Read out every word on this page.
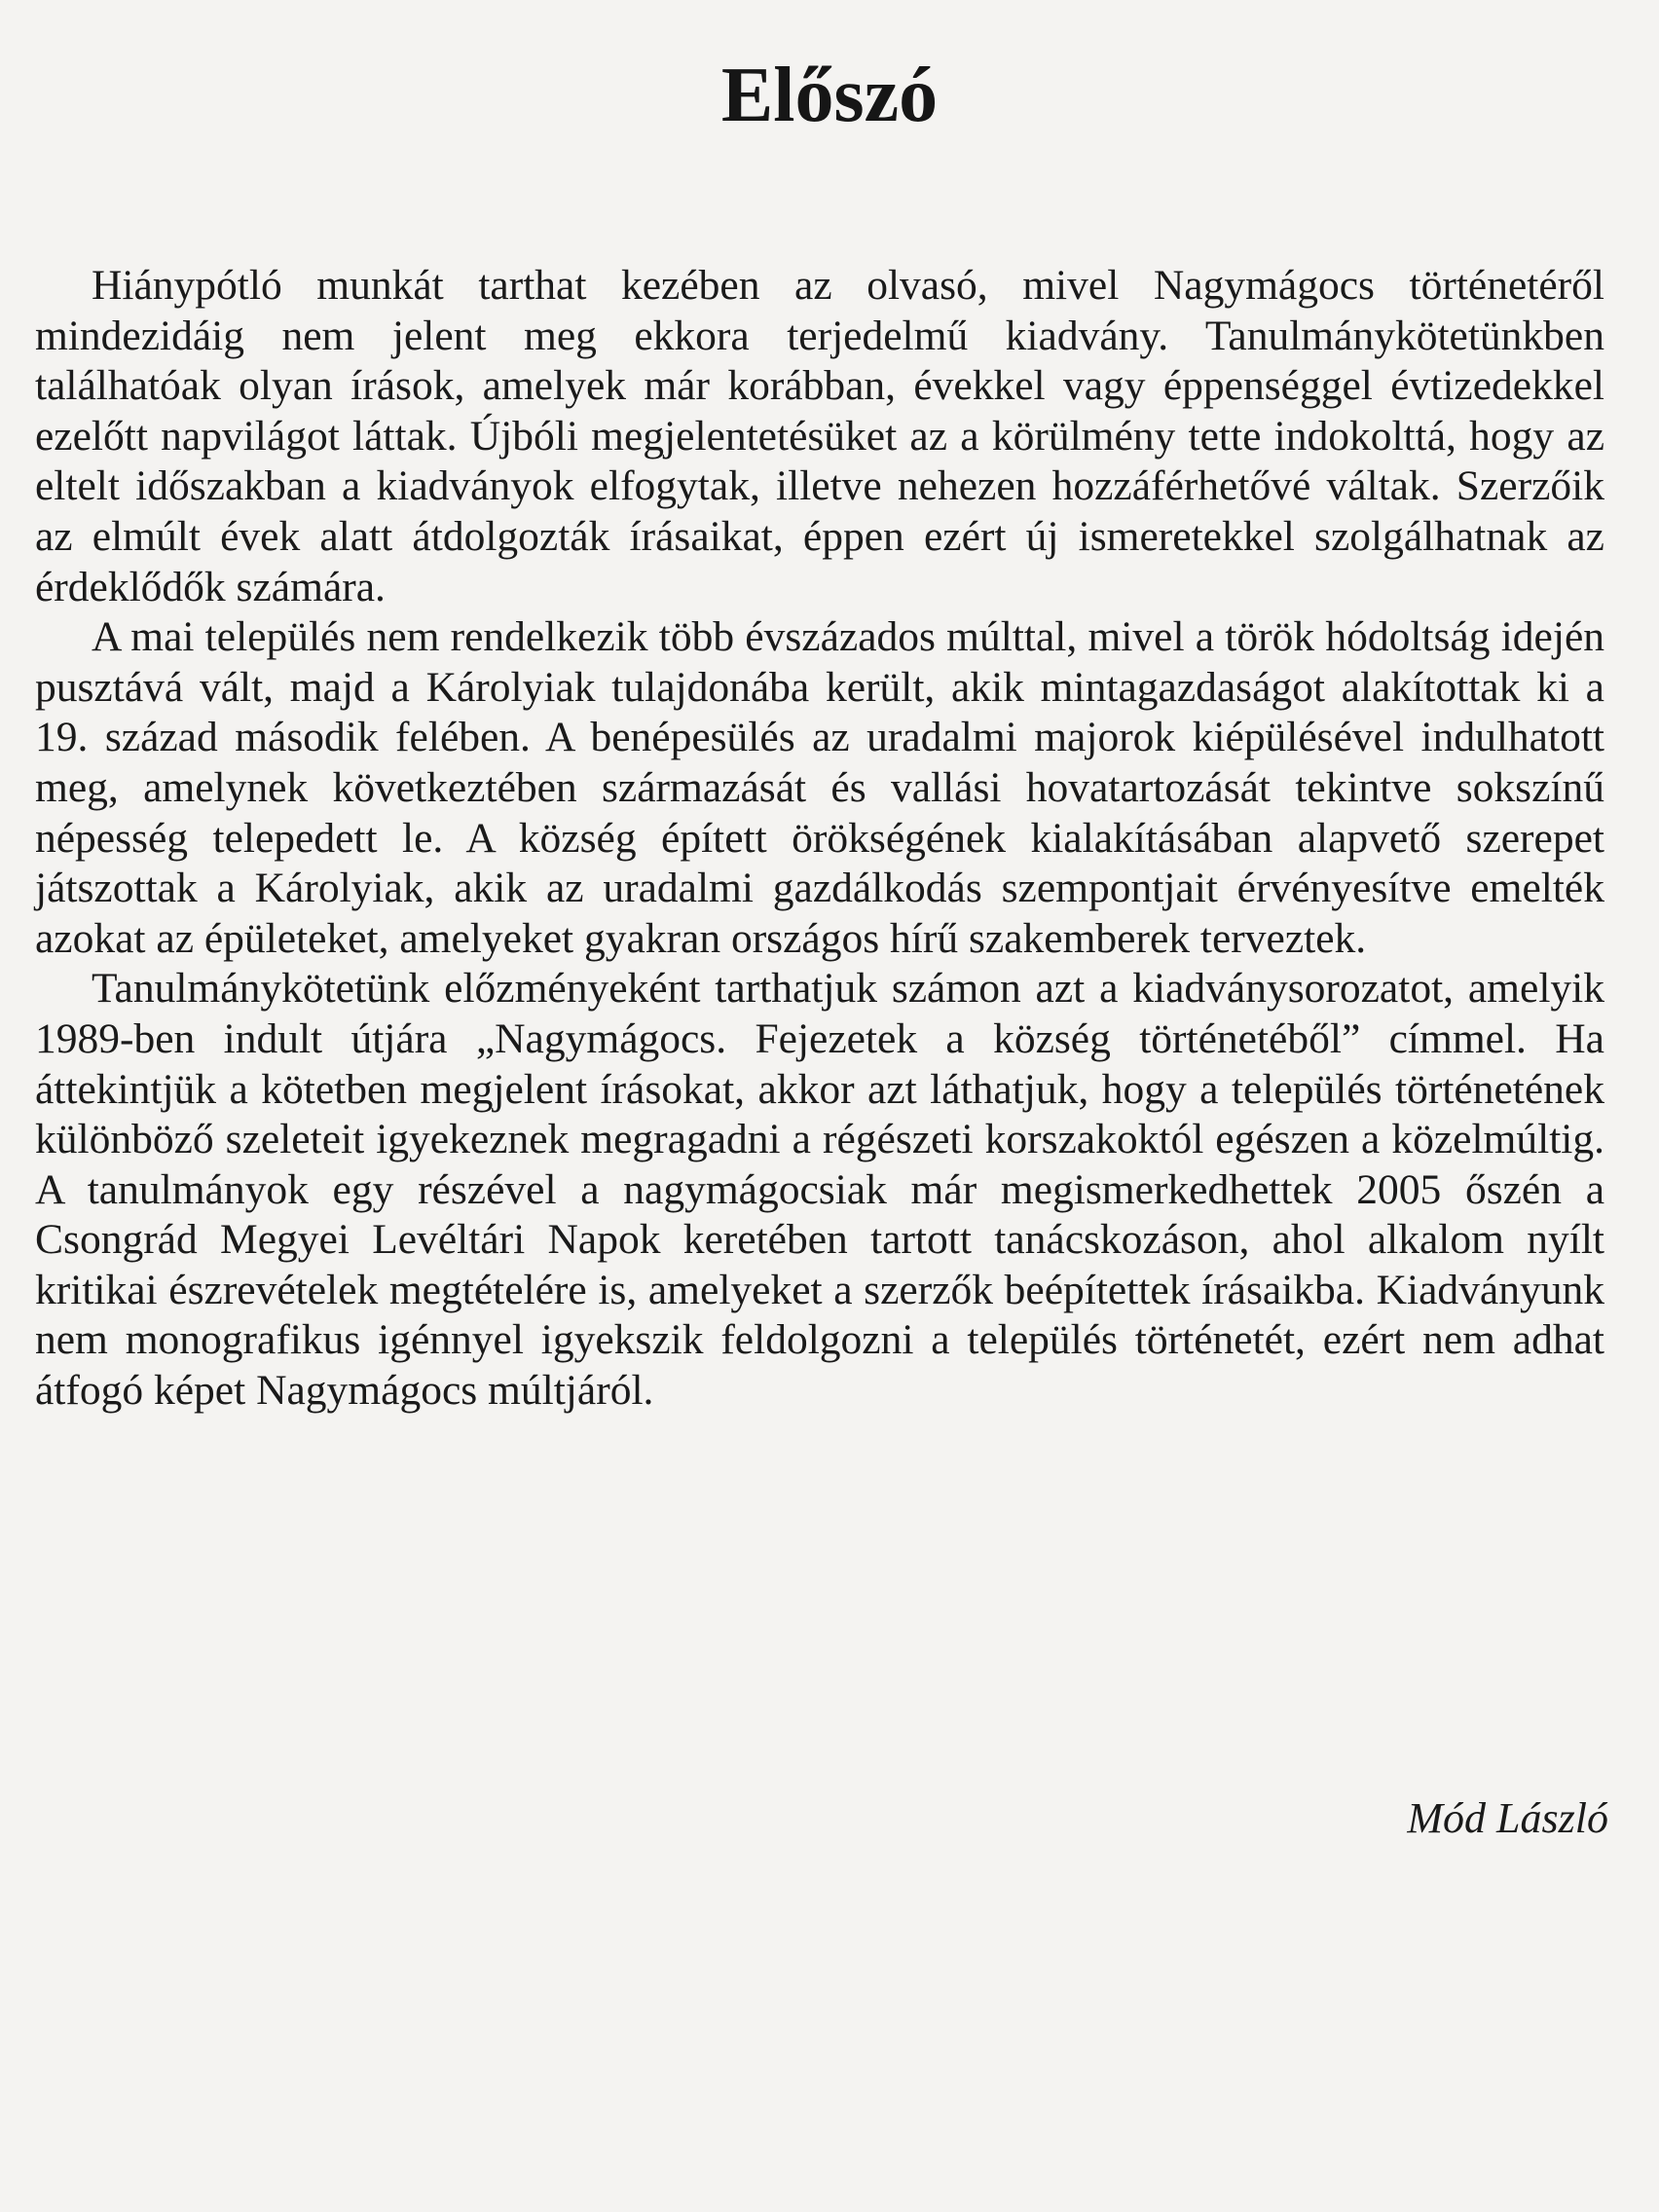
Előszó

Hiánypótló munkát tarthat kezében az olvasó, mivel Nagymágocs történetéről mindezidáig nem jelent meg ekkora terjedelmű kiadvány. Tanulmánykötetünkben találhatóak olyan írások, amelyek már korábban, évekkel vagy éppenséggel évtizedekkel ezelőtt napvilágot láttak. Újbóli megjelentetésüket az a körülmény tette indokolttá, hogy az eltelt időszakban a kiadványok elfogytak, illetve nehezen hozzáférhetővé váltak. Szerzőik az elmúlt évek alatt átdolgozták írásaikat, éppen ezért új ismeretekkel szolgálhatnak az érdeklődők számára.

A mai település nem rendelkezik több évszázados múlttal, mivel a török hódoltság idején pusztává vált, majd a Károlyiak tulajdonába került, akik mintagazdaságot alakítottak ki a 19. század második felében. A benépesülés az uradalmi majorok kiépülésével indulhatott meg, amelynek következtében származását és vallási hovatartozását tekintve sokszínű népesség telepedett le. A község épített örökségének kialakításában alapvető szerepet játszottak a Károlyiak, akik az uradalmi gazdálkodás szempontjait érvényesítve emelték azokat az épületeket, amelyeket gyakran országos hírű szakemberek terveztek.

Tanulmánykötetünk előzményeként tarthatjuk számon azt a kiadványsorozatot, amelyik 1989-ben indult útjára „Nagymágocs. Fejezetek a község történetéből” címmel. Ha áttekintjük a kötetben megjelent írásokat, akkor azt láthatjuk, hogy a település történetének különböző szeleteit igyekeznek megragadni a régészeti korszakoktól egészen a közelmúltig. A tanulmányok egy részével a nagymágocsiak már megismerkedhettek 2005 őszén a Csongrád Megyei Levéltári Napok keretében tartott tanácskozáson, ahol alkalom nyílt kritikai észrevételek megtételére is, amelyeket a szerzők beépítettek írásaikba. Kiadványunk nem monografikus igénnyel igyekszik feldolgozni a település történetét, ezért nem adhat átfogó képet Nagymágocs múltjáról.

Mód László
